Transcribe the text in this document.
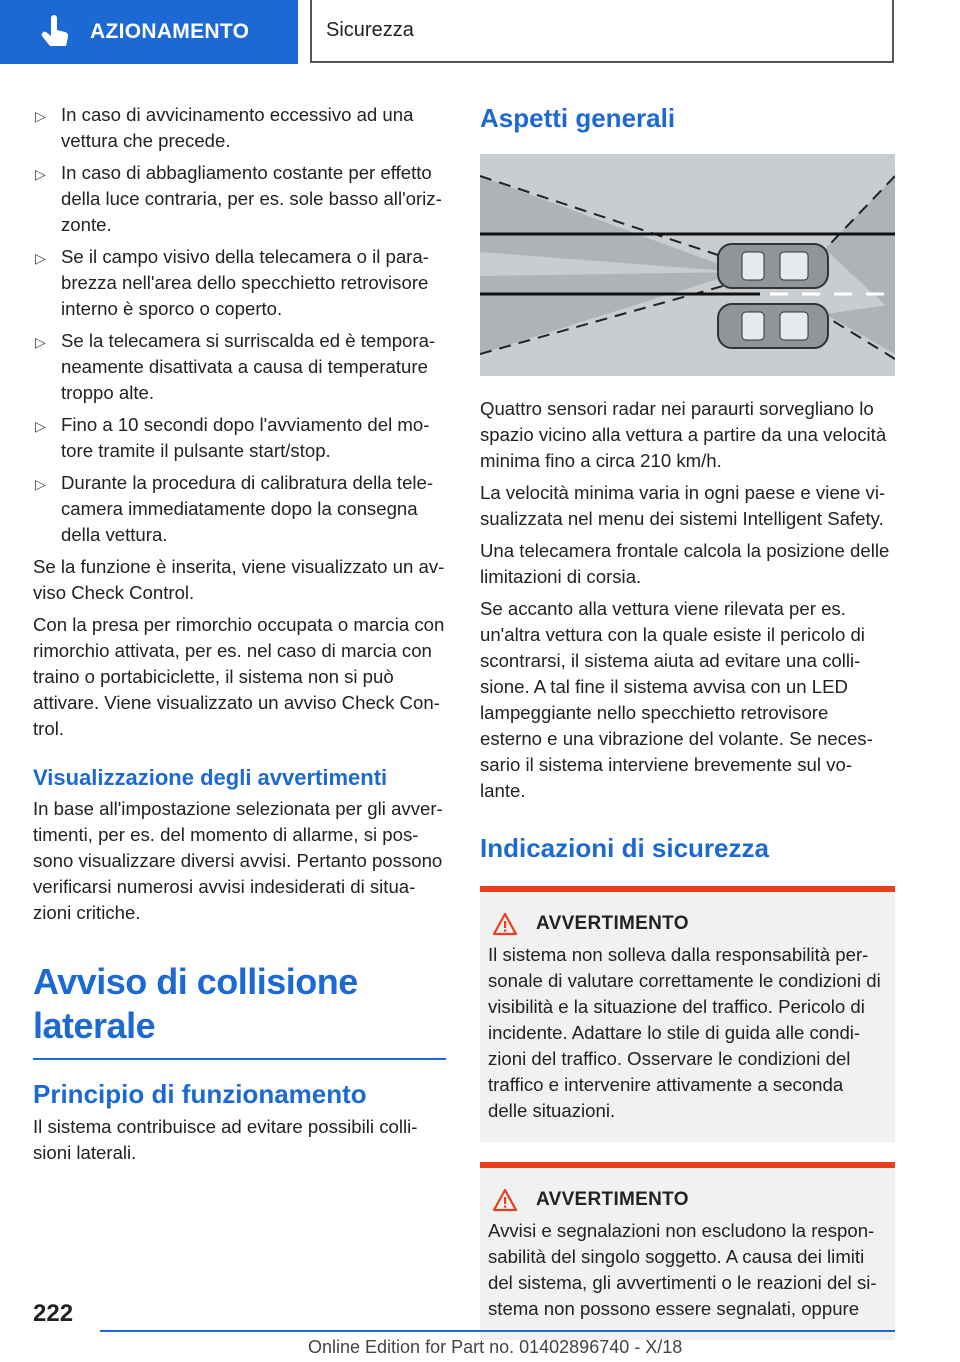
AZIONAMENTO	Sicurezza
▷ In caso di avvicinamento eccessivo ad una vettura che precede.
▷ In caso di abbagliamento costante per effetto della luce contraria, per es. sole basso all'oriz-zonte.
▷ Se il campo visivo della telecamera o il para-brezza nell'area dello specchietto retrovisore interno è sporco o coperto.
▷ Se la telecamera si surriscalda ed è tempora-neamente disattivata a causa di temperature troppo alte.
▷ Fino a 10 secondi dopo l'avviamento del mo-tore tramite il pulsante start/stop.
▷ Durante la procedura di calibratura della tele-camera immediatamente dopo la consegna della vettura.

Se la funzione è inserita, viene visualizzato un av-viso Check Control.

Con la presa per rimorchio occupata o marcia con rimorchio attivata, per es. nel caso di marcia con traino o portabiciclette, il sistema non si può attivare. Viene visualizzato un avviso Check Con-trol.

Visualizzazione degli avvertimenti

In base all'impostazione selezionata per gli avver-timenti, per es. del momento di allarme, si pos-sono visualizzare diversi avvisi. Pertanto possono verificarsi numerosi avvisi indesiderati di situa-zioni critiche.

Avviso di collisione laterale
Principio di funzionamento

Il sistema contribuisce ad evitare possibili colli-sioni laterali.

Aspetti generali

Quattro sensori radar nei paraurti sorvegliano lo spazio vicino alla vettura a partire da una velocità minima fino a circa 210 km/h.

La velocità minima varia in ogni paese e viene vi-sualizzata nel menu dei sistemi Intelligent Safety.

Una telecamera frontale calcola la posizione delle limitazioni di corsia.

Se accanto alla vettura viene rilevata per es. un'altra vettura con la quale esiste il pericolo di scontrarsi, il sistema aiuta ad evitare una colli-sione. A tal fine il sistema avvisa con un LED lampeggiante nello specchietto retrovisore esterno e una vibrazione del volante. Se neces-sario il sistema interviene brevemente sul vo-lante.

Indicazioni di sicurezza
AVVERTIMENTO

Il sistema non solleva dalla responsabilità per-sonale di valutare correttamente le condizioni di visibilità e la situazione del traffico. Pericolo di incidente. Adattare lo stile di guida alle condi-zioni del traffico. Osservare le condizioni del traffico e intervenire attivamente a seconda delle situazioni.

AVVERTIMENTO

Avvisi e segnalazioni non escludono la respon-sabilità del singolo soggetto. A causa dei limiti del sistema, gli avvertimenti o le reazioni del si-stema non possono essere segnalati, oppure

222
Online Edition for Part no. 01402896740 - X/18
